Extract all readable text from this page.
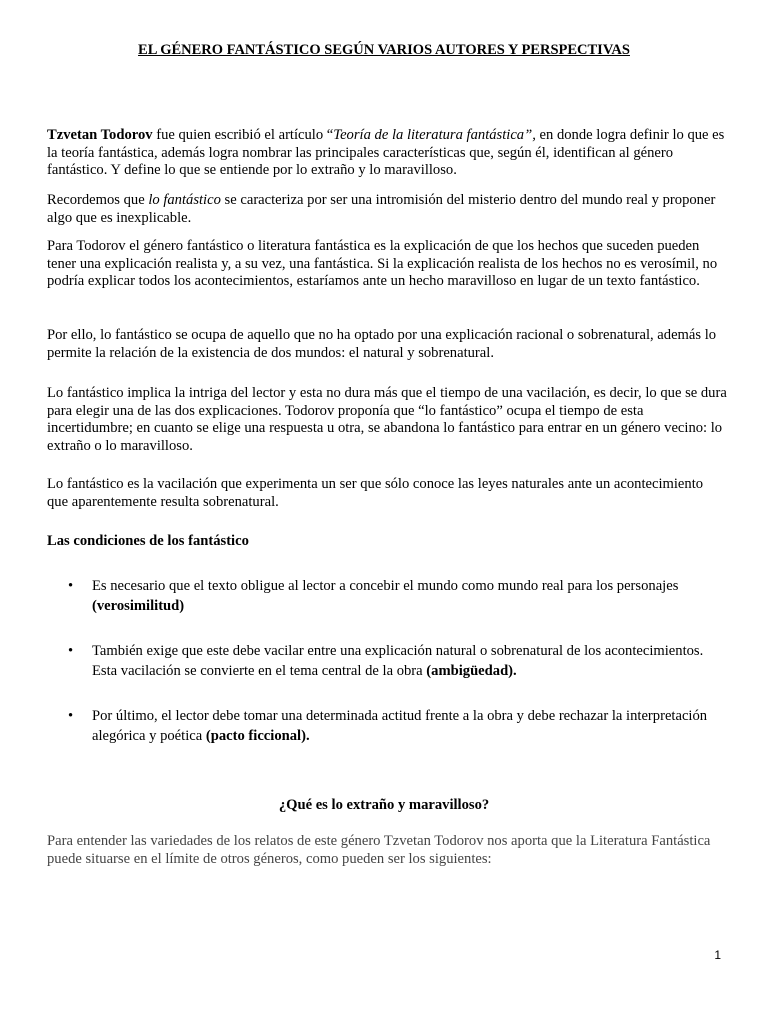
EL GÉNERO FANTÁSTICO SEGÚN VARIOS AUTORES Y PERSPECTIVAS

Tzvetan Todorov fue quien escribió el artículo “Teoría de la literatura fantástica”, en donde logra definir lo que es la teoría fantástica, además logra nombrar las principales características que, según él, identifican al género fantástico. Y define lo que se entiende por lo extraño y lo maravilloso.

Recordemos que lo fantástico se caracteriza por ser una intromisión del misterio dentro del mundo real y proponer algo que es inexplicable.

Para Todorov el género fantástico o literatura fantástica es la explicación de que los hechos que suceden pueden tener una explicación realista y, a su vez, una fantástica. Si la explicación realista de los hechos no es verosímil, no podría explicar todos los acontecimientos, estaríamos ante un hecho maravilloso en lugar de un texto fantástico.

Por ello, lo fantástico se ocupa de aquello que no ha optado por una explicación racional o sobrenatural, además lo permite la relación de la existencia de dos mundos: el natural y sobrenatural.

Lo fantástico implica la intriga del lector y esta no dura más que el tiempo de una vacilación, es decir, lo que se dura para elegir una de las dos explicaciones. Todorov proponía que “lo fantástico” ocupa el tiempo de esta incertidumbre; en cuanto se elige una respuesta u otra, se abandona lo fantástico para entrar en un género vecino: lo extraño o lo maravilloso.

Lo fantástico es la vacilación que experimenta un ser que sólo conoce las leyes naturales ante un acontecimiento que aparentemente resulta sobrenatural.

Las condiciones de los fantástico
•	Es necesario que el texto obligue al lector a concebir el mundo como mundo real para los personajes (verosimilitud)
•	También exige que este debe vacilar entre una explicación natural o sobrenatural de los acontecimientos. Esta vacilación se convierte en el tema central de la obra (ambigüedad).
•	Por último, el lector debe tomar una determinada actitud frente a la obra y debe rechazar la interpretación alegórica y poética (pacto ficcional).
¿Qué es lo extraño y maravilloso?

Para entender las variedades de los relatos de este género Tzvetan Todorov nos aporta que la Literatura Fantástica puede situarse en el límite de otros géneros, como pueden ser los siguientes:

1
